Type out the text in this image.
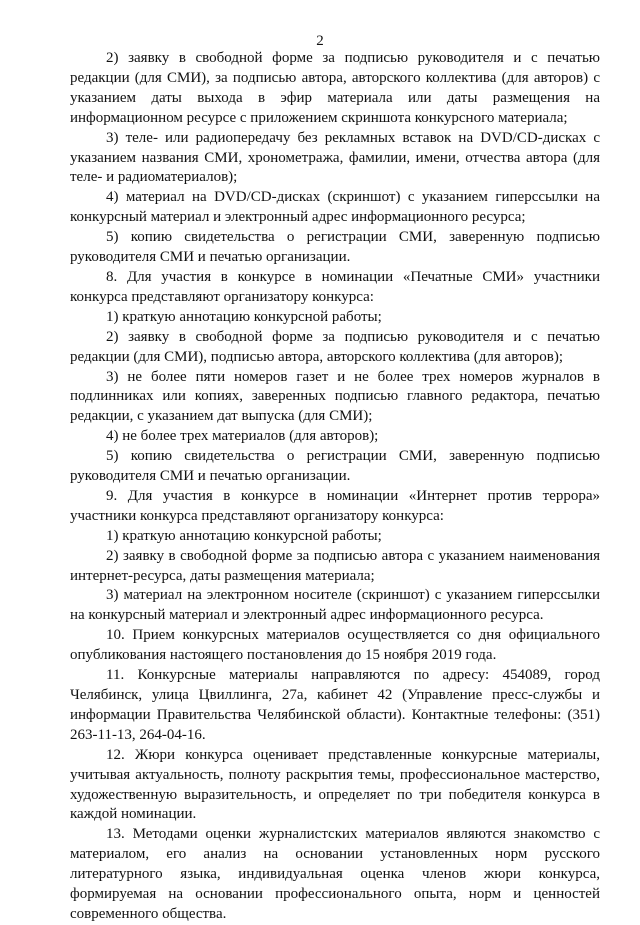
2

2) заявку в свободной форме за подписью руководителя и с печатью редакции (для СМИ), за подписью автора, авторского коллектива (для авторов) с указанием даты выхода в эфир материала или даты размещения на информационном ресурсе с приложением скриншота конкурсного материала;

3) теле- или радиопередачу без рекламных вставок на DVD/CD-дисках с указанием названия СМИ, хронометража, фамилии, имени, отчества автора (для теле- и радиоматериалов);

4) материал на DVD/CD-дисках (скриншот) с указанием гиперссылки на конкурсный материал и электронный адрес информационного ресурса;

5) копию свидетельства о регистрации СМИ, заверенную подписью руководителя СМИ и печатью организации.

8. Для участия в конкурсе в номинации «Печатные СМИ» участники конкурса представляют организатору конкурса:

1) краткую аннотацию конкурсной работы;

2) заявку в свободной форме за подписью руководителя и с печатью редакции (для СМИ), подписью автора, авторского коллектива (для авторов);

3) не более пяти номеров газет и не более трех номеров журналов в подлинниках или копиях, заверенных подписью главного редактора, печатью редакции, с указанием дат выпуска (для СМИ);

4) не более трех материалов (для авторов);

5) копию свидетельства о регистрации СМИ, заверенную подписью руководителя СМИ и печатью организации.

9. Для участия в конкурсе в номинации «Интернет против террора» участники конкурса представляют организатору конкурса:

1) краткую аннотацию конкурсной работы;

2) заявку в свободной форме за подписью автора с указанием наименования интернет-ресурса, даты размещения материала;

3) материал на электронном носителе (скриншот) с указанием гиперссылки на конкурсный материал и электронный адрес информационного ресурса.

10. Прием конкурсных материалов осуществляется со дня официального опубликования настоящего постановления до 15 ноября 2019 года.

11. Конкурсные материалы направляются по адресу: 454089, город Челябинск, улица Цвиллинга, 27а, кабинет 42 (Управление пресс-службы и информации Правительства Челябинской области). Контактные телефоны: (351) 263-11-13, 264-04-16.

12. Жюри конкурса оценивает представленные конкурсные материалы, учитывая актуальность, полноту раскрытия темы, профессиональное мастерство, художественную выразительность, и определяет по три победителя конкурса в каждой номинации.

13. Методами оценки журналистских материалов являются знакомство с материалом, его анализ на основании установленных норм русского литературного языка, индивидуальная оценка членов жюри конкурса, формируемая на основании профессионального опыта, норм и ценностей современного общества.
